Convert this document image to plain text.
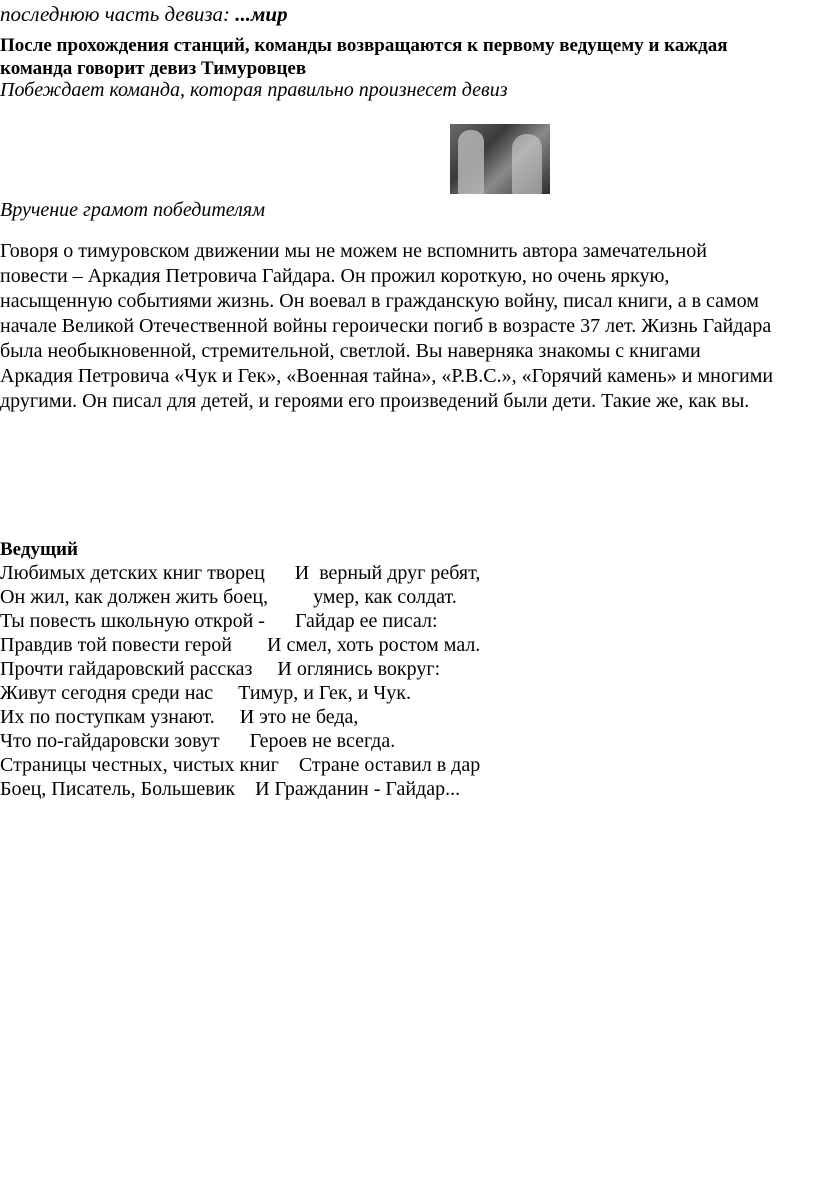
последнюю часть девиза: ...мир
После прохождения станций, команды возвращаются к первому ведущему и каждая
команда говорит девиз Тимуровцев
Побеждает команда, которая правильно произнесет девиз
Вручение грамот победителям
Говоря о тимуровском движении мы не можем не вспомнить автора замечательной
повести – Аркадия Петровича Гайдара. Он прожил короткую, но очень яркую,
насыщенную событиями жизнь. Он воевал в гражданскую войну, писал книги, а в самом
начале Великой Отечественной войны героически погиб в возрасте 37 лет. Жизнь Гайдара
была необыкновенной, стремительной, светлой. Вы наверняка знакомы с книгами
Аркадия Петровича «Чук и Гек», «Военная тайна», «Р.В.С.», «Горячий камень» и многими
другими. Он писал для детей, и героями его произведений были дети. Такие же, как вы.
Ведущий
Любимых детских книг творец      И  верный друг ребят,
Он жил, как должен жить боец,         умер, как солдат.
Ты повесть школьную открой -      Гайдар ее писал:
Правдив той повести герой       И смел, хоть ростом мал.
Прочти гайдаровский рассказ     И оглянись вокруг:
Живут сегодня среди нас     Тимур, и Гек, и Чук.
Их по поступкам узнают.     И это не беда,
Что по-гайдаровски зовут      Героев не всегда.
Страницы честных, чистых книг    Стране оставил в дар
Боец, Писатель, Большевик    И Гражданин - Гайдар...
